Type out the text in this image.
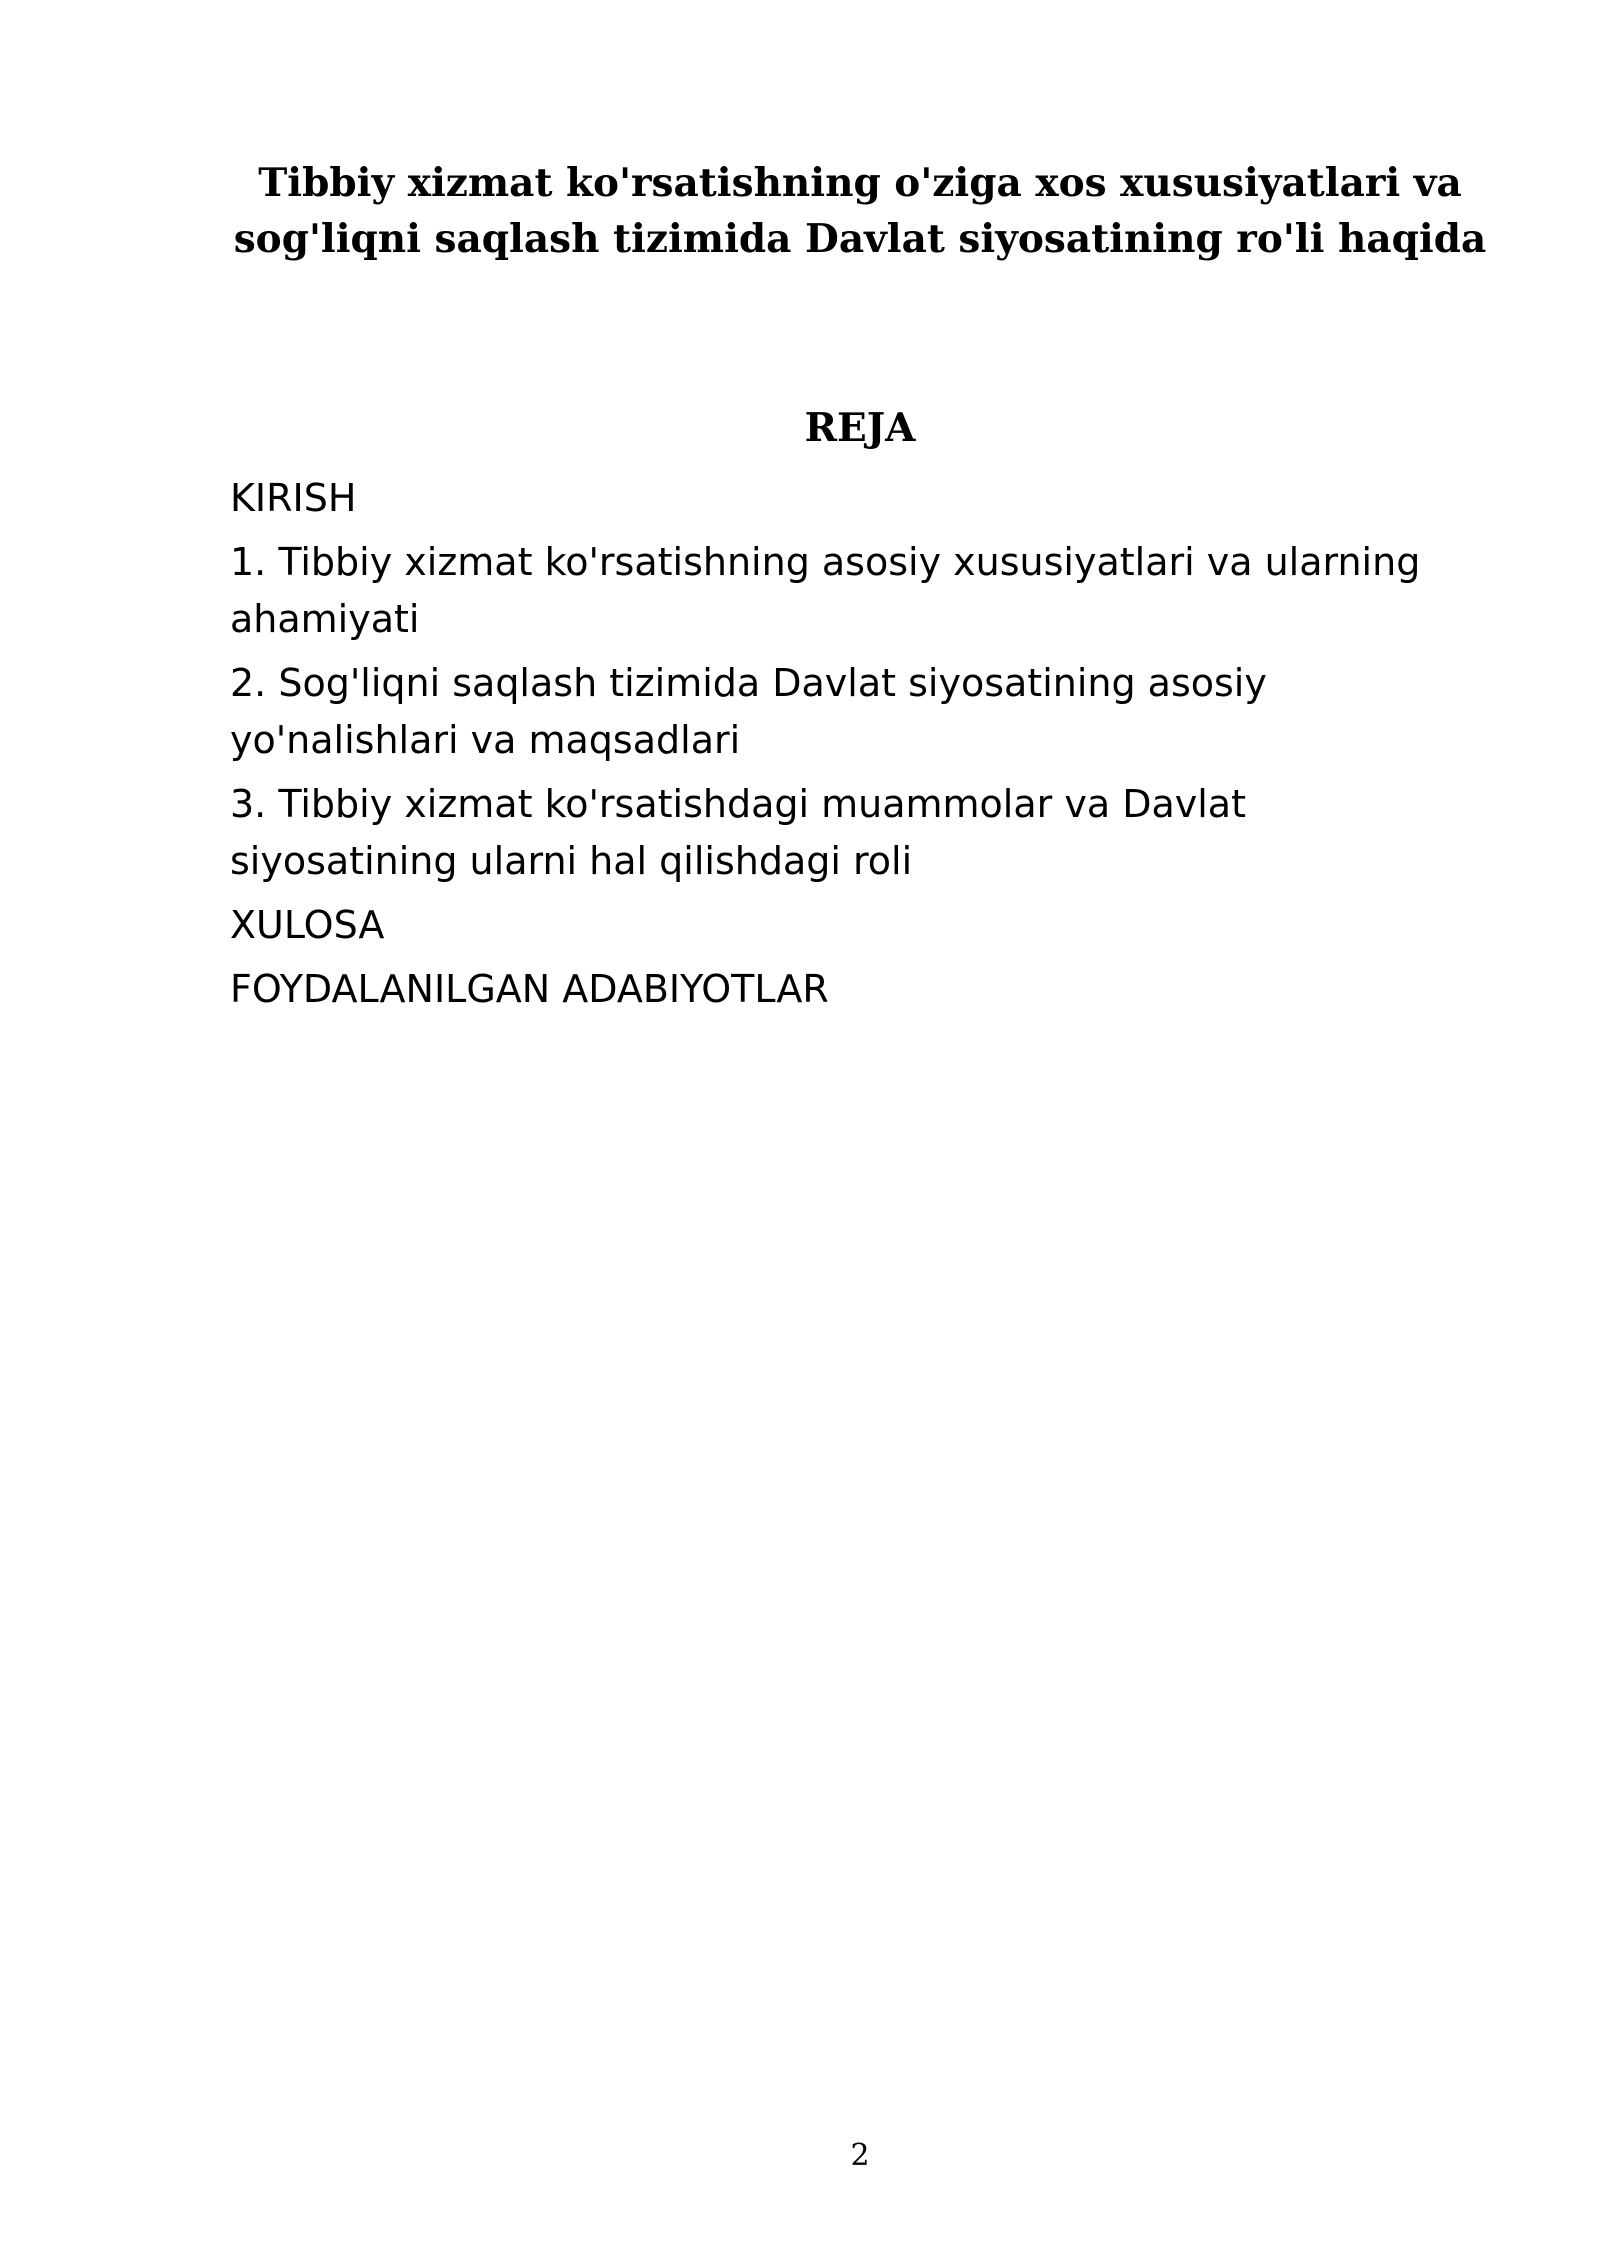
Tibbiy xizmat ko'rsatishning o'ziga xos xususiyatlari va
sog'liqni saqlash tizimida Davlat siyosatining ro'li haqida
REJA
KIRISH
1. Tibbiy xizmat ko'rsatishning asosiy xususiyatlari va ularning
ahamiyati
2. Sog'liqni saqlash tizimida Davlat siyosatining asosiy
yo'nalishlari va maqsadlari
3. Tibbiy xizmat ko'rsatishdagi muammolar va Davlat
siyosatining ularni hal qilishdagi roli
XULOSA
FOYDALANILGAN ADABIYOTLAR

2
